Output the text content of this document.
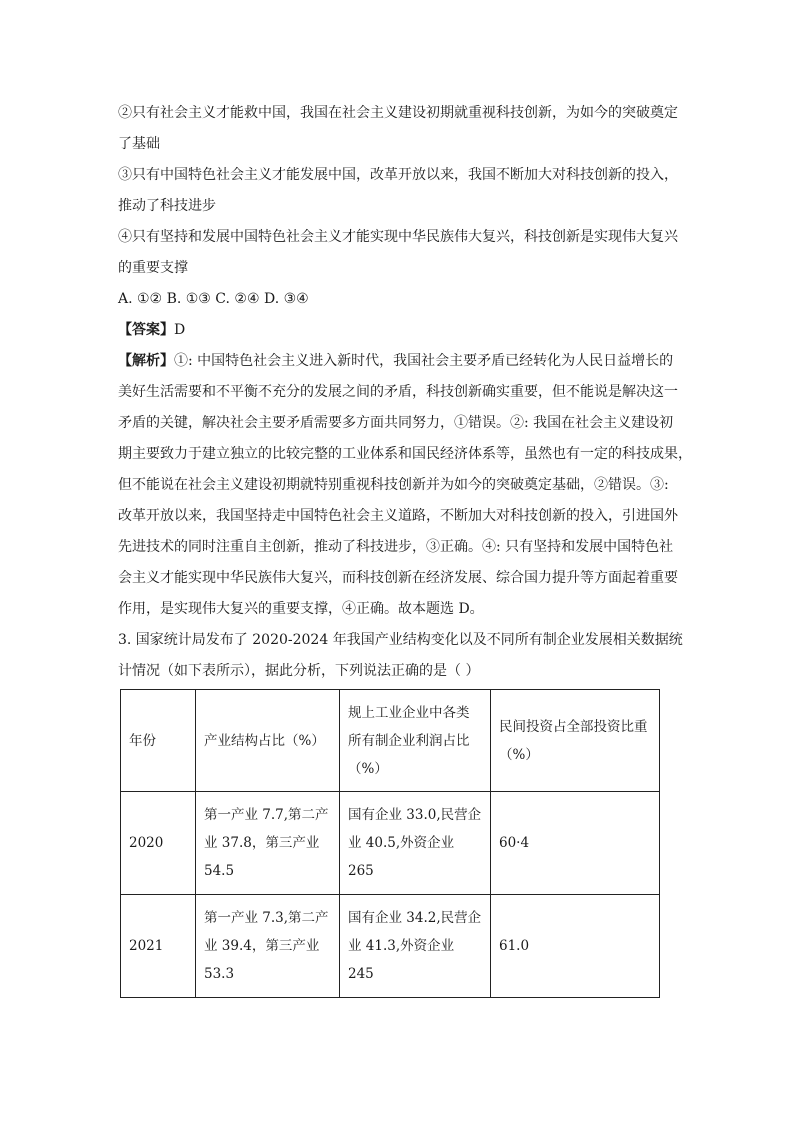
②只有社会主义才能救中国，我国在社会主义建设初期就重视科技创新，为如今的突破奠定
了基础
③只有中国特色社会主义才能发展中国，改革开放以来，我国不断加大对科技创新的投入，
推动了科技进步
④只有坚持和发展中国特色社会主义才能实现中华民族伟大复兴，科技创新是实现伟大复兴
的重要支撑
A. ①② B. ①③ C. ②④ D. ③④
【答案】D
【解析】①: 中国特色社会主义进入新时代，我国社会主要矛盾已经转化为人民日益增长的
美好生活需要和不平衡不充分的发展之间的矛盾，科技创新确实重要，但不能说是解决这一
矛盾的关键，解决社会主要矛盾需要多方面共同努力，①错误。②: 我国在社会主义建设初
期主要致力于建立独立的比较完整的工业体系和国民经济体系等，虽然也有一定的科技成果，
但不能说在社会主义建设初期就特别重视科技创新并为如今的突破奠定基础，②错误。③:
改革开放以来，我国坚持走中国特色社会主义道路，不断加大对科技创新的投入，引进国外
先进技术的同时注重自主创新，推动了科技进步，③正确。④: 只有坚持和发展中国特色社
会主义才能实现中华民族伟大复兴，而科技创新在经济发展、综合国力提升等方面起着重要
作用，是实现伟大复兴的重要支撑，④正确。故本题选 D。
3. 国家统计局发布了 2020-2024 年我国产业结构变化以及不同所有制企业发展相关数据统
计情况（如下表所示），据此分析，下列说法正确的是（ ）
年份	产业结构占比（%）	规上工业企业中各类
所有制企业利润占比
（%）	民间投资占全部投资比重
（%）

2020	第一产业 7.7,第二产
业 37.8，第三产业
54.5	国有企业 33.0,民营企
业 40.5,外资企业 265	60·4
2021	第一产业 7.3,第二产
业 39.4，第三产业
53.3	国有企业 34.2,民营企
业 41.3,外资企业 245	61.0
